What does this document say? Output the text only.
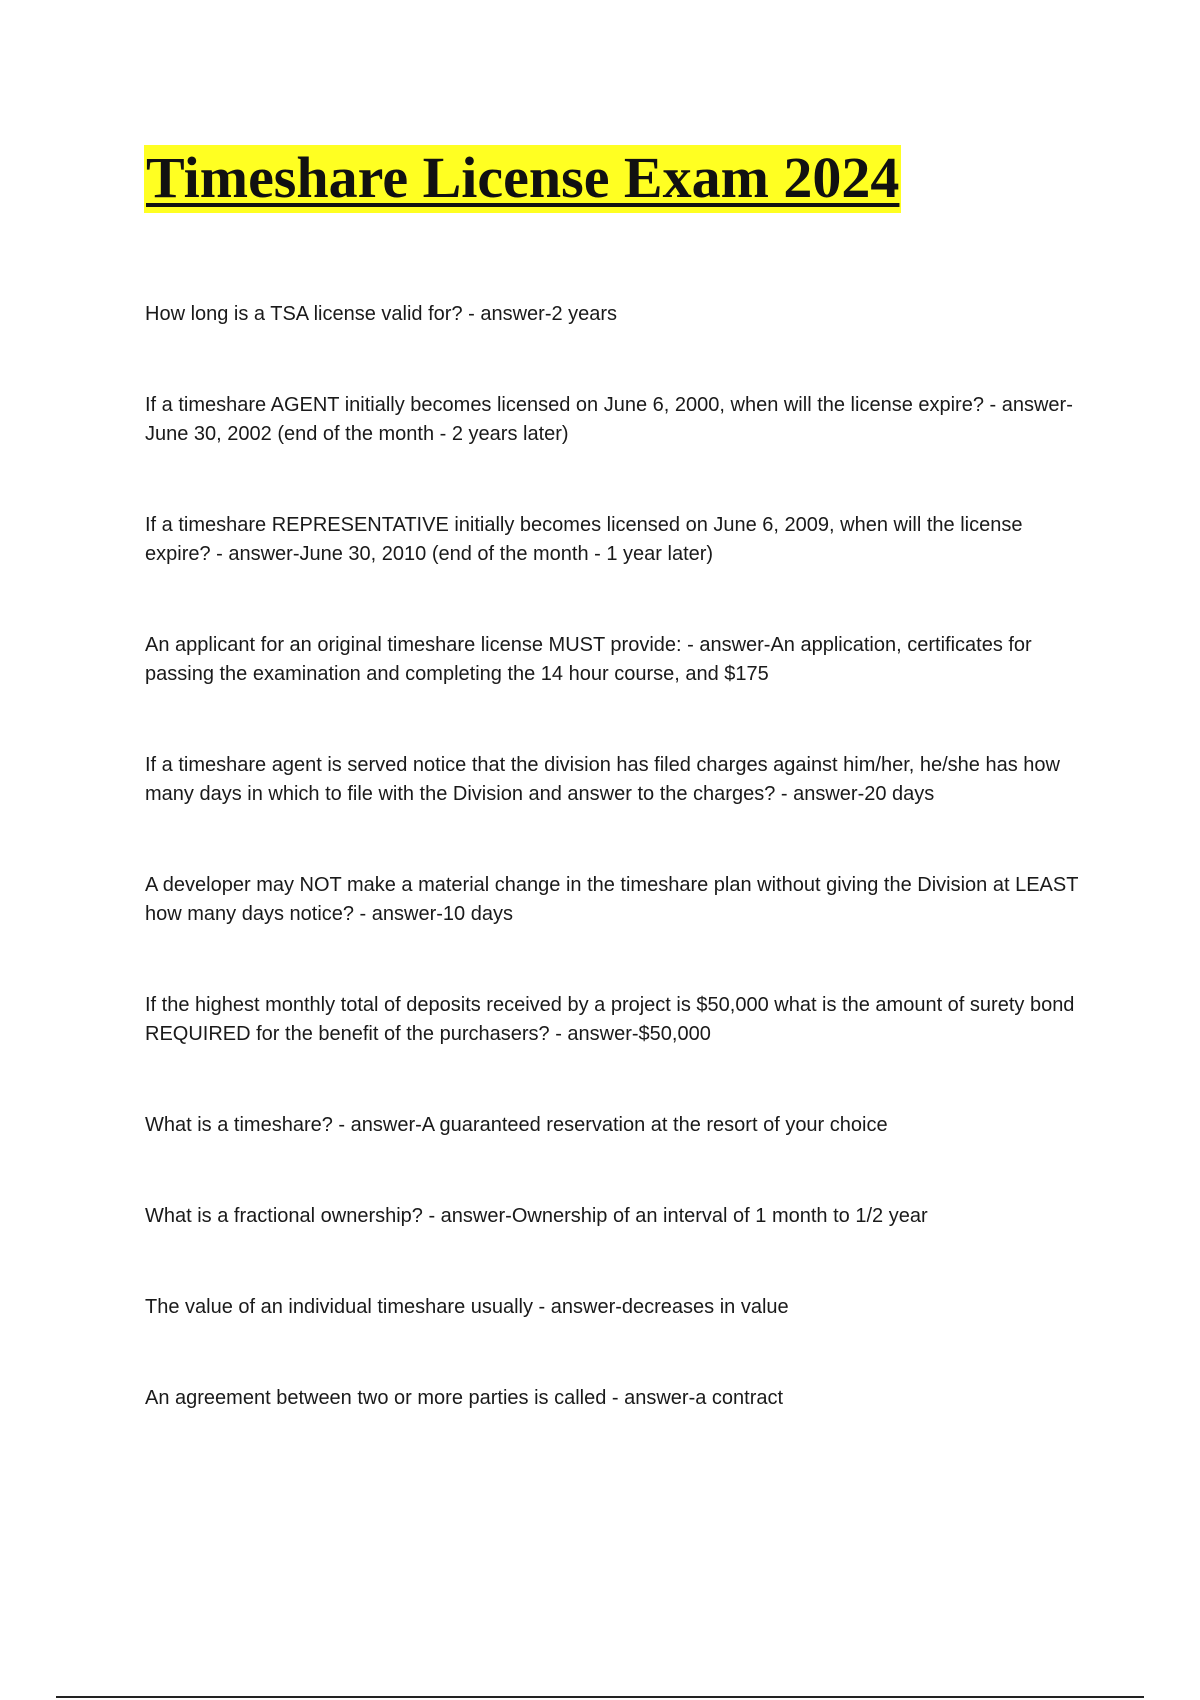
Timeshare License Exam 2024

How long is a TSA license valid for? - answer-2 years

If a timeshare AGENT initially becomes licensed on June 6, 2000, when will the license expire? - answer-June 30, 2002 (end of the month - 2 years later)

If a timeshare REPRESENTATIVE initially becomes licensed on June 6, 2009, when will the license expire? - answer-June 30, 2010 (end of the month - 1 year later)

An applicant for an original timeshare license MUST provide: - answer-An application, certificates for passing the examination and completing the 14 hour course, and $175

If a timeshare agent is served notice that the division has filed charges against him/her, he/she has how many days in which to file with the Division and answer to the charges? - answer-20 days

A developer may NOT make a material change in the timeshare plan without giving the Division at LEAST how many days notice? - answer-10 days

If the highest monthly total of deposits received by a project is $50,000 what is the amount of surety bond REQUIRED for the benefit of the purchasers? - answer-$50,000

What is a timeshare? - answer-A guaranteed reservation at the resort of your choice

What is a fractional ownership? - answer-Ownership of an interval of 1 month to 1/2 year

The value of an individual timeshare usually - answer-decreases in value

An agreement between two or more parties is called - answer-a contract
